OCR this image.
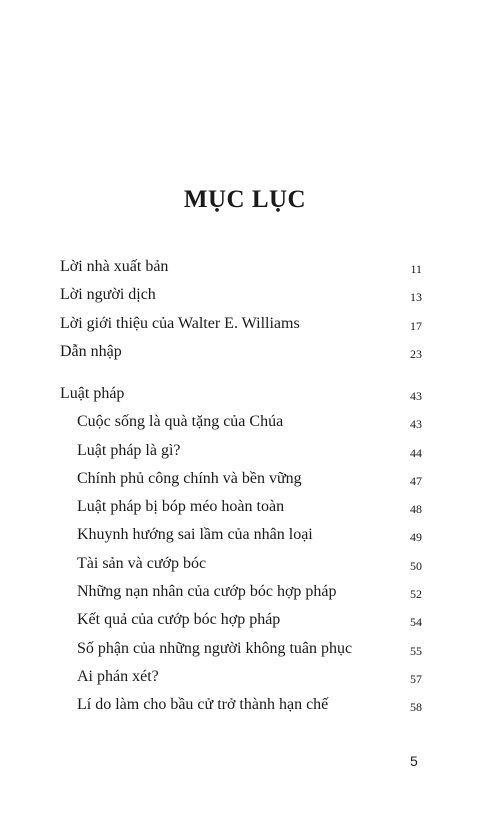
MỤC LỤC
Lời nhà xuất bản	11
Lời người dịch	13
Lời giới thiệu của Walter E. Williams	17
Dẫn nhập	23
Luật pháp	43
Cuộc sống là quà tặng của Chúa	43
Luật pháp là gì?	44
Chính phủ công chính và bền vững	47
Luật pháp bị bóp méo hoàn toàn	48
Khuynh hướng sai lầm của nhân loại	49
Tài sản và cướp bóc	50
Những nạn nhân của cướp bóc hợp pháp	52
Kết quả của cướp bóc hợp pháp	54
Số phận của những người không tuân phục	55
Ai phán xét?	57
Lí do làm cho bầu cử trở thành hạn chế	58
5
